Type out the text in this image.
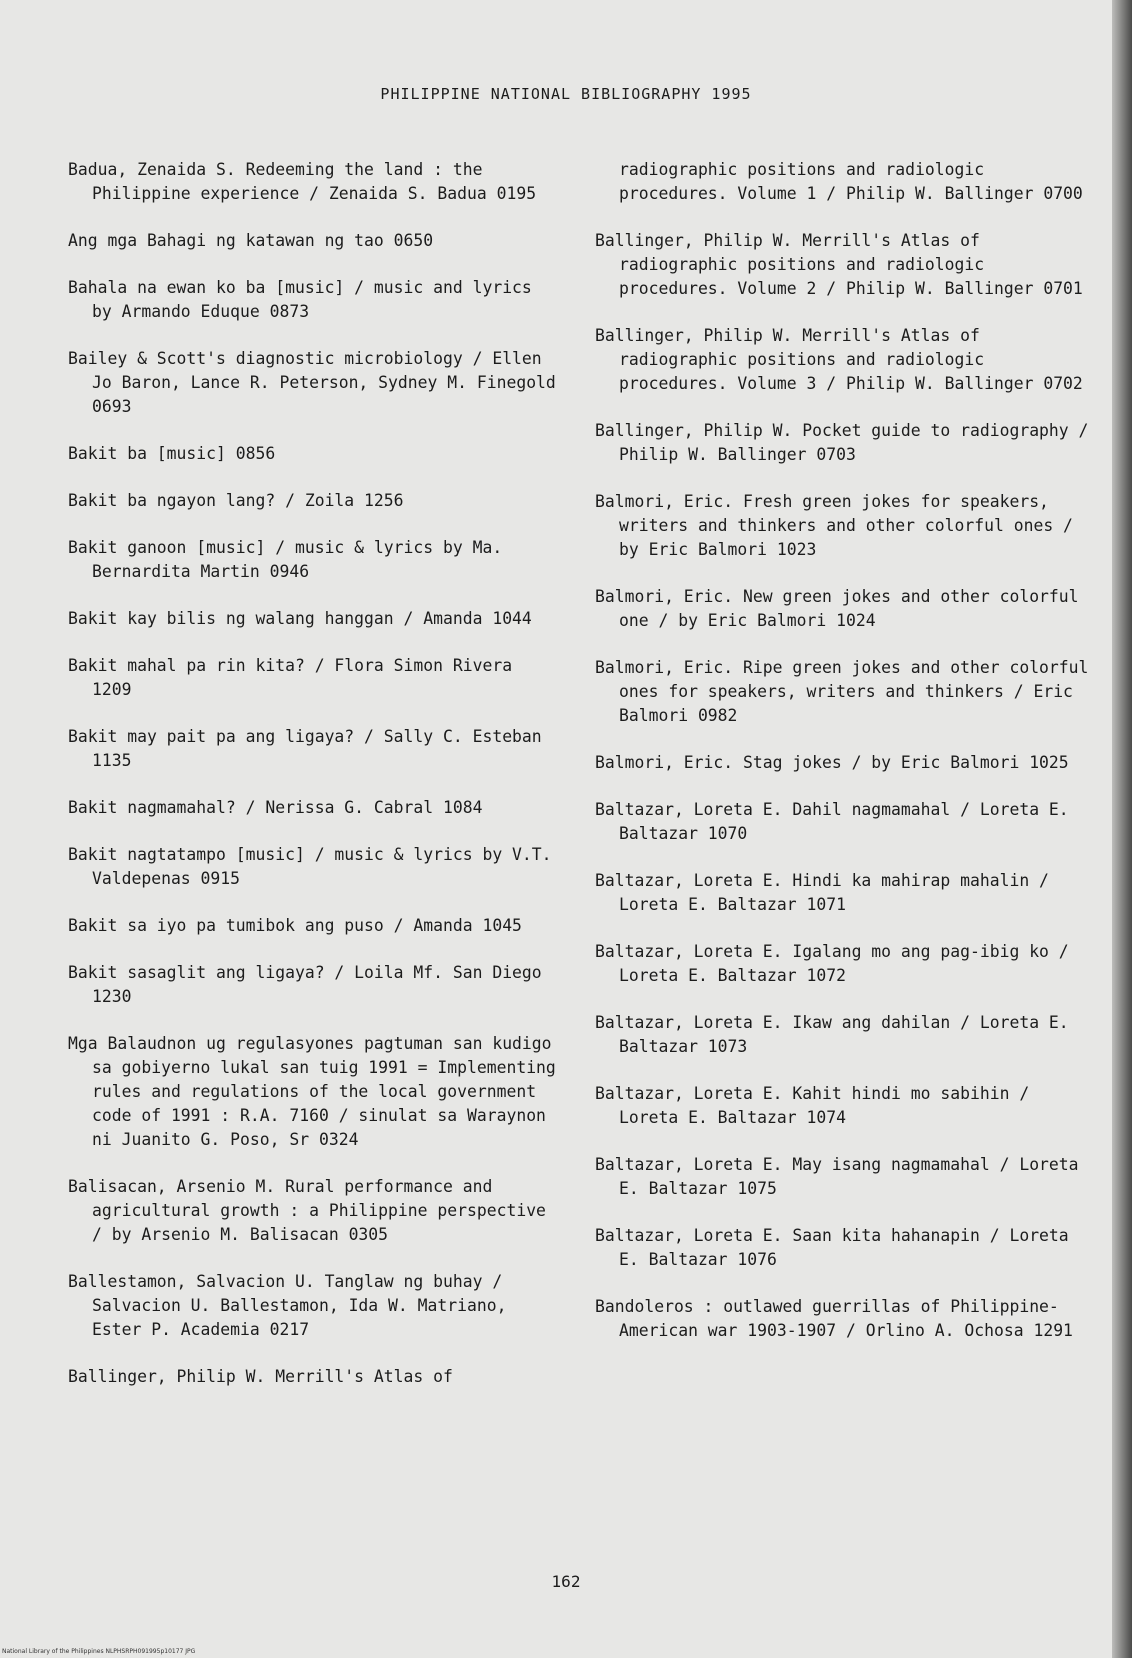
PHILIPPINE NATIONAL BIBLIOGRAPHY 1995

Badua, Zenaida S. Redeeming the land : the Philippine experience / Zenaida S. Badua 0195

Ang mga Bahagi ng katawan ng tao 0650

Bahala na ewan ko ba [music] / music and lyrics by Armando Eduque 0873

Bailey & Scott's diagnostic microbiology / Ellen Jo Baron, Lance R. Peterson, Sydney M. Finegold 0693

Bakit ba [music] 0856

Bakit ba ngayon lang? / Zoila 1256

Bakit ganoon [music] / music & lyrics by Ma. Bernardita Martin 0946

Bakit kay bilis ng walang hanggan / Amanda 1044

Bakit mahal pa rin kita? / Flora Simon Rivera 1209

Bakit may pait pa ang ligaya? / Sally C. Esteban 1135

Bakit nagmamahal? / Nerissa G. Cabral 1084

Bakit nagtatampo [music] / music & lyrics by V.T. Valdepenas 0915

Bakit sa iyo pa tumibok ang puso / Amanda 1045

Bakit sasaglit ang ligaya? / Loila Mf. San Diego 1230

Mga Balaudnon ug regulasyones pagtuman san kudigo sa gobiyerno lukal san tuig 1991 = Implementing rules and regulations of the local government code of 1991 : R.A. 7160 / sinulat sa Waraynon ni Juanito G. Poso, Sr 0324

Balisacan, Arsenio M. Rural performance and agricultural growth : a Philippine perspective / by Arsenio M. Balisacan 0305

Ballestamon, Salvacion U. Tanglaw ng buhay / Salvacion U. Ballestamon, Ida W. Matriano, Ester P. Academia 0217

Ballinger, Philip W. Merrill's Atlas of

radiographic positions and radiologic procedures. Volume 1 / Philip W. Ballinger 0700

Ballinger, Philip W. Merrill's Atlas of radiographic positions and radiologic procedures. Volume 2 / Philip W. Ballinger 0701

Ballinger, Philip W. Merrill's Atlas of radiographic positions and radiologic procedures. Volume 3 / Philip W. Ballinger 0702

Ballinger, Philip W. Pocket guide to radiography / Philip W. Ballinger 0703

Balmori, Eric. Fresh green jokes for speakers, writers and thinkers and other colorful ones / by Eric Balmori 1023

Balmori, Eric. New green jokes and other colorful one / by Eric Balmori 1024

Balmori, Eric. Ripe green jokes and other colorful ones for speakers, writers and thinkers / Eric Balmori 0982

Balmori, Eric. Stag jokes / by Eric Balmori 1025

Baltazar, Loreta E. Dahil nagmamahal / Loreta E. Baltazar 1070

Baltazar, Loreta E. Hindi ka mahirap mahalin / Loreta E. Baltazar 1071

Baltazar, Loreta E. Igalang mo ang pag-ibig ko / Loreta E. Baltazar 1072

Baltazar, Loreta E. Ikaw ang dahilan / Loreta E. Baltazar 1073

Baltazar, Loreta E. Kahit hindi mo sabihin / Loreta E. Baltazar 1074

Baltazar, Loreta E. May isang nagmamahal / Loreta E. Baltazar 1075

Baltazar, Loreta E. Saan kita hahanapin / Loreta E. Baltazar 1076

Bandoleros : outlawed guerrillas of Philippine-American war 1903-1907 / Orlino A. Ochosa 1291

162
National Library of the Philippines NLPHSRPH091995p10177 JPG
